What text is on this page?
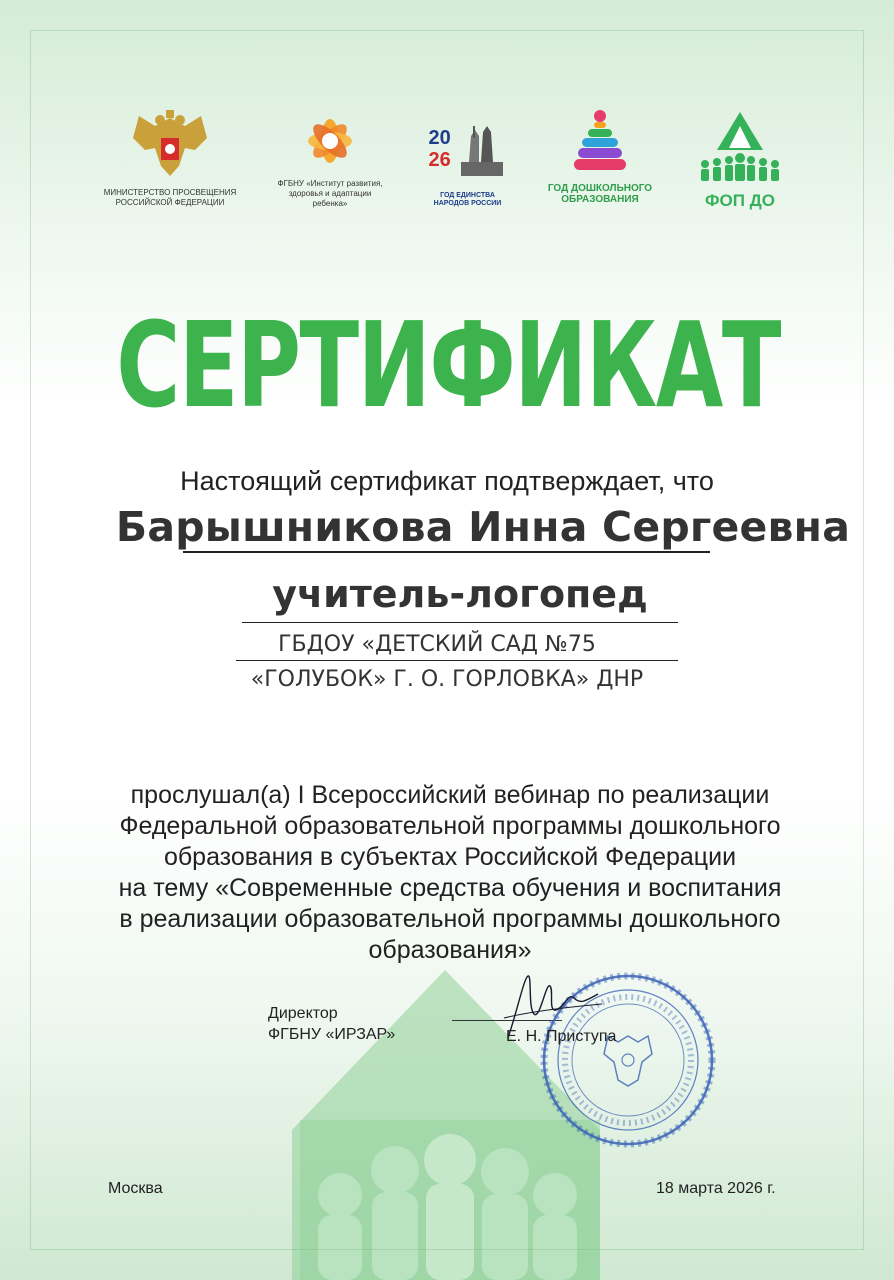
МИНИСТЕРСТВО ПРОСВЕЩЕНИЯ
РОССИЙСКОЙ ФЕДЕРАЦИИ
ФГБНУ «Институт развития,
здоровья и адаптации
ребенка»
20
26
ГОД ЕДИНСТВА
НАРОДОВ РОССИИ
ГОД ДОШКОЛЬНОГО
ОБРАЗОВАНИЯ	ФОП ДО
СЕРТИФИКАТ
Настоящий сертификат подтверждает, что
Барышникова Инна Сергеевна
учитель-логопед
ГБДОУ «ДЕТСКИЙ САД №75
«ГОЛУБОК» Г. О. ГОРЛОВКА» ДНР
прослушал(а) I Всероссийский вебинар по реализации
Федеральной образовательной программы дошкольного
образования в субъектах Российской Федерации
на тему «Современные средства обучения и воспитания
в реализации образовательной программы дошкольного
образования»
Директор
ФГБНУ «ИРЗАР»	Е. Н. Приступа
Москва	18 марта 2026 г.
